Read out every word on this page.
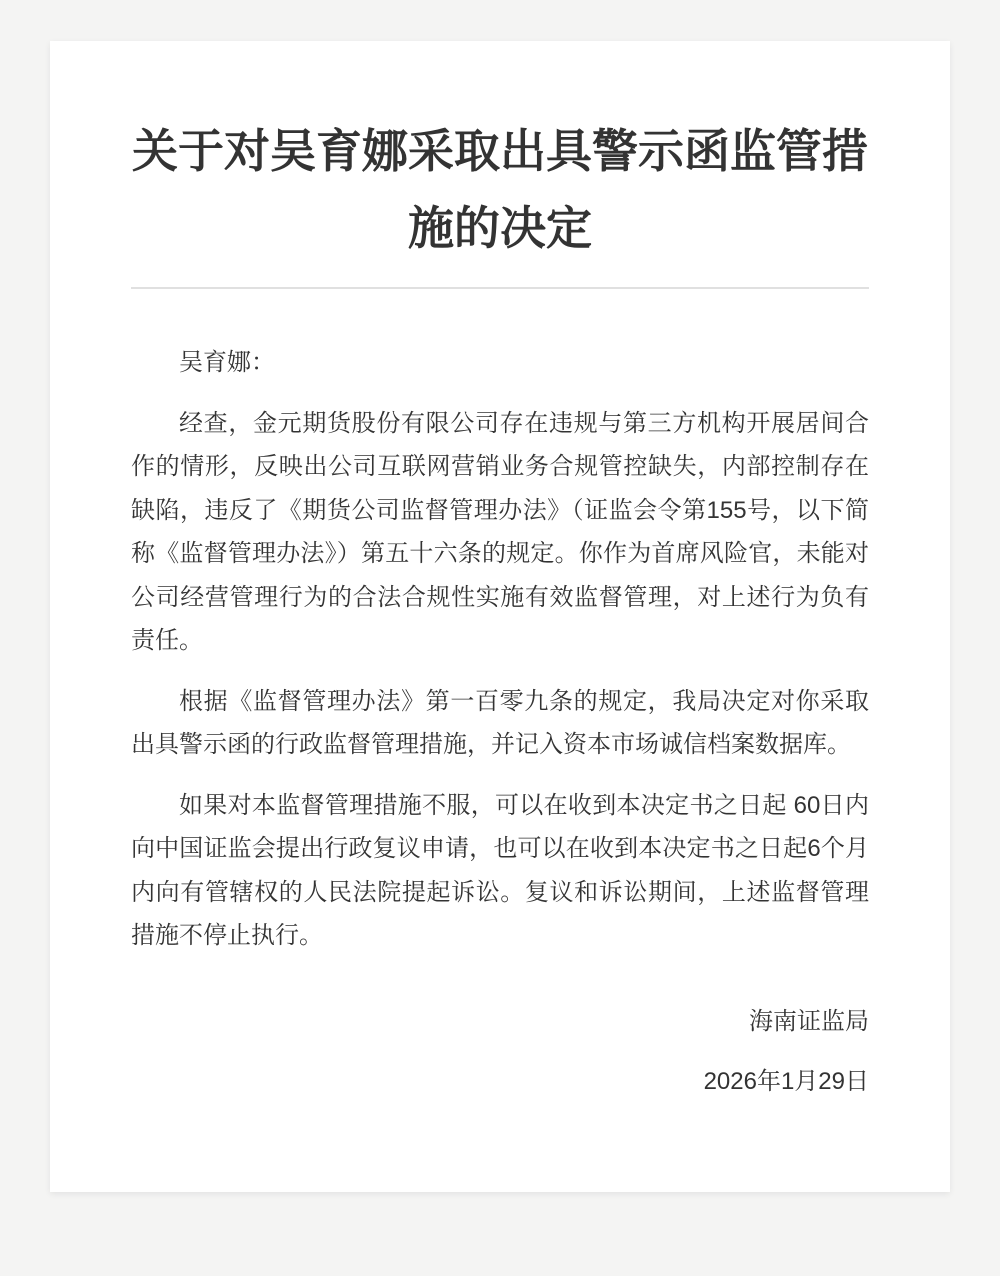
关于对吴育娜采取出具警示函监管措施的决定

吴育娜：

经查，金元期货股份有限公司存在违规与第三方机构开展居间合作的情形，反映出公司互联网营销业务合规管控缺失，内部控制存在缺陷，违反了《期货公司监督管理办法》（证监会令第155号，以下简称《监督管理办法》）第五十六条的规定。你作为首席风险官，未能对公司经营管理行为的合法合规性实施有效监督管理，对上述行为负有责任。

根据《监督管理办法》第一百零九条的规定，我局决定对你采取出具警示函的行政监督管理措施，并记入资本市场诚信档案数据库。

如果对本监督管理措施不服，可以在收到本决定书之日起 60日内向中国证监会提出行政复议申请，也可以在收到本决定书之日起6个月内向有管辖权的人民法院提起诉讼。复议和诉讼期间，上述监督管理措施不停止执行。

海南证监局

2026年1月29日
